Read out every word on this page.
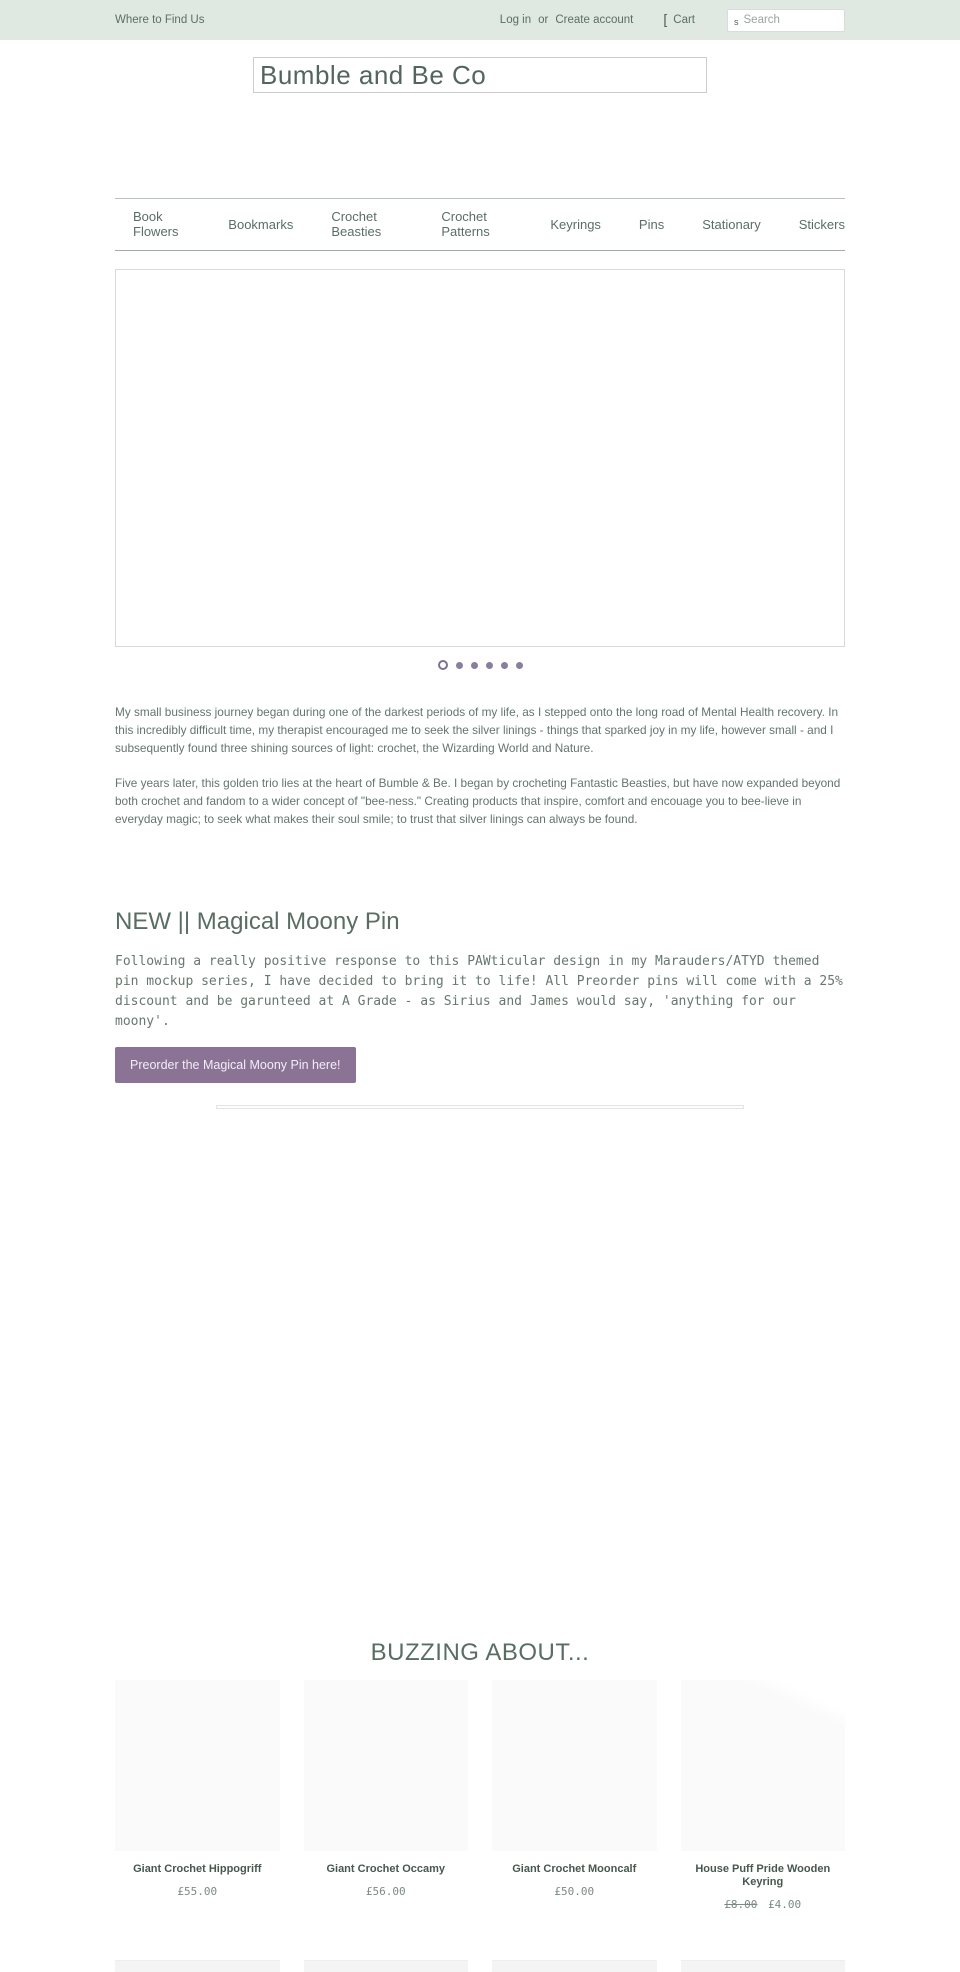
Where to Find Us	Log in or Create account [ Cart	s
Search
Bumble and Be Co
Book Flowers	Bookmarks	Crochet Beasties
Crochet Patterns	Keyrings	Pins	Stationary	Stickers

My small business journey began during one of the darkest periods of my life, as I stepped onto the long road of Mental Health recovery. In this incredibly difficult time, my therapist encouraged me to seek the silver linings - things that sparked joy in my life, however small - and I subsequently found three shining sources of light: crochet, the Wizarding World and Nature.

Five years later, this golden trio lies at the heart of Bumble & Be. I began by crocheting Fantastic Beasties, but have now expanded beyond both crochet and fandom to a wider concept of "bee-ness." Creating products that inspire, comfort and encouage you to bee-lieve in everyday magic; to seek what makes their soul smile; to trust that silver linings can always be found.

NEW || Magical Moony Pin

Following a really positive response to this PAWticular design in my Marauders/ATYD themed pin mockup series, I have decided to bring it to life! All Preorder pins will come with a 25% discount and be garunteed at A Grade - as Sirius and James would say, 'anything for our moony'.

Preorder the Magical Moony Pin here!
BUZZING ABOUT...
Giant Crochet Hippogriff
£55.00
Giant Crochet Occamy
£56.00
Giant Crochet Mooncalf
£50.00
House Puff Pride Wooden Keyring
£8.00 £4.00
